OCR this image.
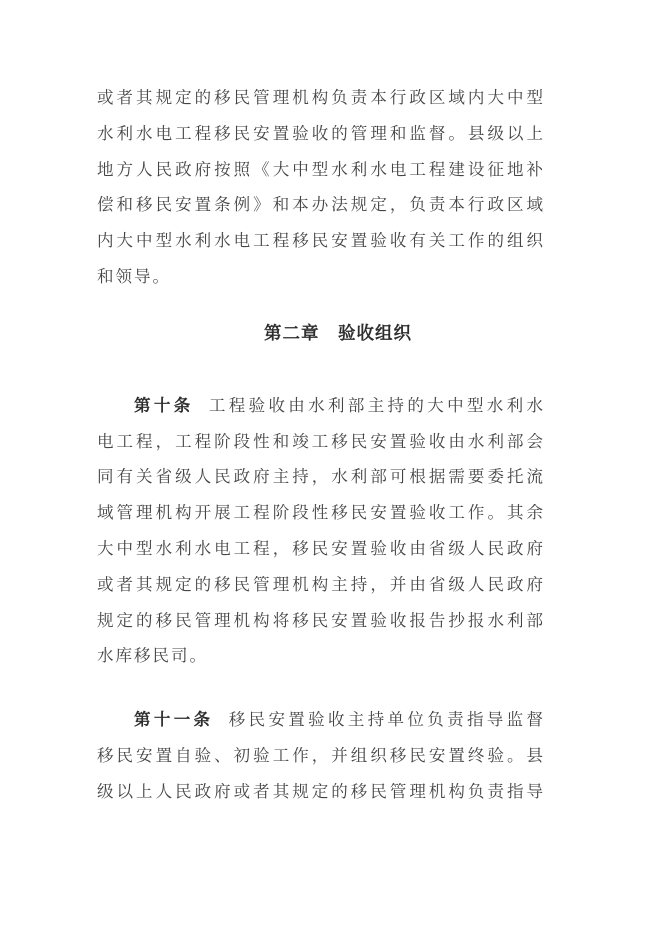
或者其规定的移民管理机构负责本行政区域内大中型
水利水电工程移民安置验收的管理和监督。县级以上
地方人民政府按照《大中型水利水电工程建设征地补
偿和移民安置条例》和本办法规定，负责本行政区域
内大中型水利水电工程移民安置验收有关工作的组织
和领导。
第二章　验收组织
第十条 工程验收由水利部主持的大中型水利水
电工程，工程阶段性和竣工移民安置验收由水利部会
同有关省级人民政府主持，水利部可根据需要委托流
域管理机构开展工程阶段性移民安置验收工作。其余
大中型水利水电工程，移民安置验收由省级人民政府
或者其规定的移民管理机构主持，并由省级人民政府
规定的移民管理机构将移民安置验收报告抄报水利部
水库移民司。
第十一条 移民安置验收主持单位负责指导监督
移民安置自验、初验工作，并组织移民安置终验。县
级以上人民政府或者其规定的移民管理机构负责指导
